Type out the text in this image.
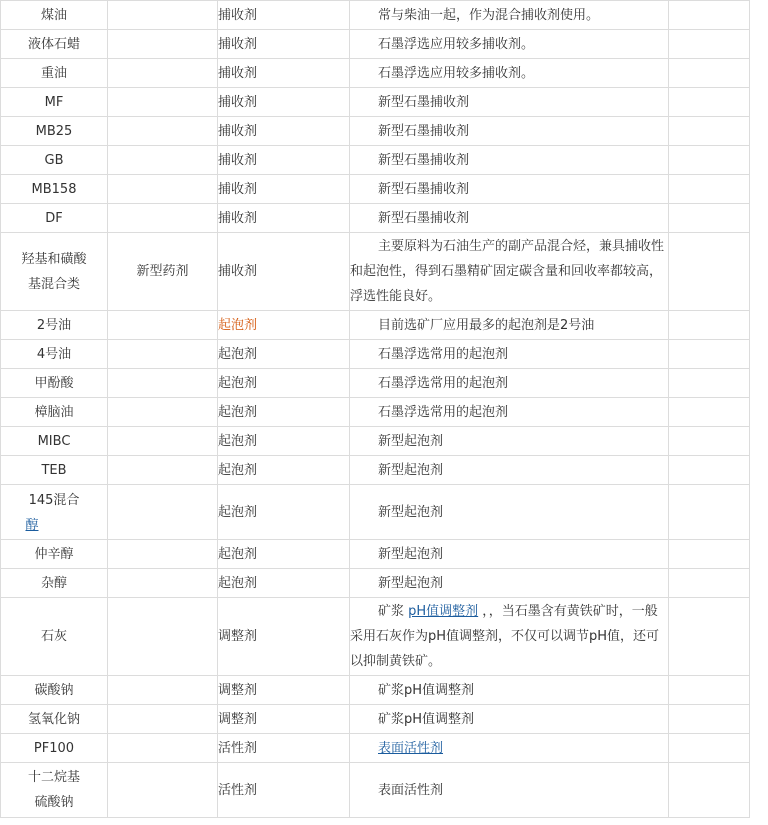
煤油		捕收剂	常与柴油一起，作为混合捕收剂使用。	

液体石蜡		捕收剂	石墨浮选应用较多捕收剂。	

重油		捕收剂	石墨浮选应用较多捕收剂。	

MF		捕收剂	新型石墨捕收剂	

MB25		捕收剂	新型石墨捕收剂	

GB		捕收剂	新型石墨捕收剂	

MB158		捕收剂	新型石墨捕收剂	

DF		捕收剂	新型石墨捕收剂	

羟基和磺酸基混合类	新型药剂	捕收剂	主要原料为石油生产的副产品混合烃，兼具捕收性和起泡性，得到石墨精矿固定碳含量和回收率都较高，浮选性能良好。	

2号油		起泡剂	目前选矿厂应用最多的起泡剂是2号油	

4号油		起泡剂	石墨浮选常用的起泡剂	

甲酚酸		起泡剂	石墨浮选常用的起泡剂	

樟脑油		起泡剂	石墨浮选常用的起泡剂	

MIBC		起泡剂	新型起泡剂	

TEB		起泡剂	新型起泡剂	

145混合
醇		起泡剂	新型起泡剂	

仲辛醇		起泡剂	新型起泡剂	

杂醇		起泡剂	新型起泡剂	

石灰		调整剂	矿浆 pH值调整剂 ，，当石墨含有黄铁矿时，一般采用石灰作为pH值调整剂，不仅可以调节pH值，还可以抑制黄铁矿。	

碳酸钠		调整剂	矿浆pH值调整剂	

氢氧化钠		调整剂	矿浆pH值调整剂	

PF100		活性剂	表面活性剂	

十二烷基硫酸钠		活性剂	表面活性剂	
